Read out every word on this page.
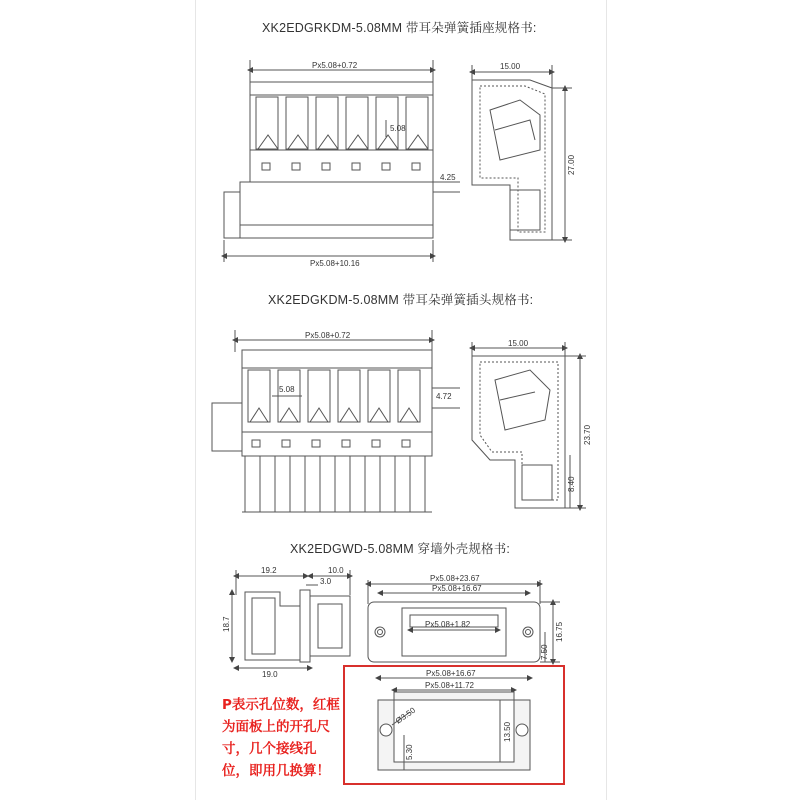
XK2EDGRKDM-5.08MM 带耳朵弹簧插座规格书:
XK2EDGKDM-5.08MM 带耳朵弹簧插头规格书:
XK2EDGWD-5.08MM 穿墙外壳规格书:
Px5.08+0.72
5.08
4.25
Px5.08+10.16
15.00
27.00
Px5.08+0.72
5.08
4.72
15.00
23.70
8.40
19.2	10.0
3.0
18.7
19.0
Px5.08+23.67
Px5.08+16.67
Px5.08+1.82	16.75
7.50
Px5.08+16.67
Px5.08+11.72
Ø3.50
13.50
5.30
P表示孔位数，红框为面板上的开孔尺寸，几个接线孔位，即用几换算！
